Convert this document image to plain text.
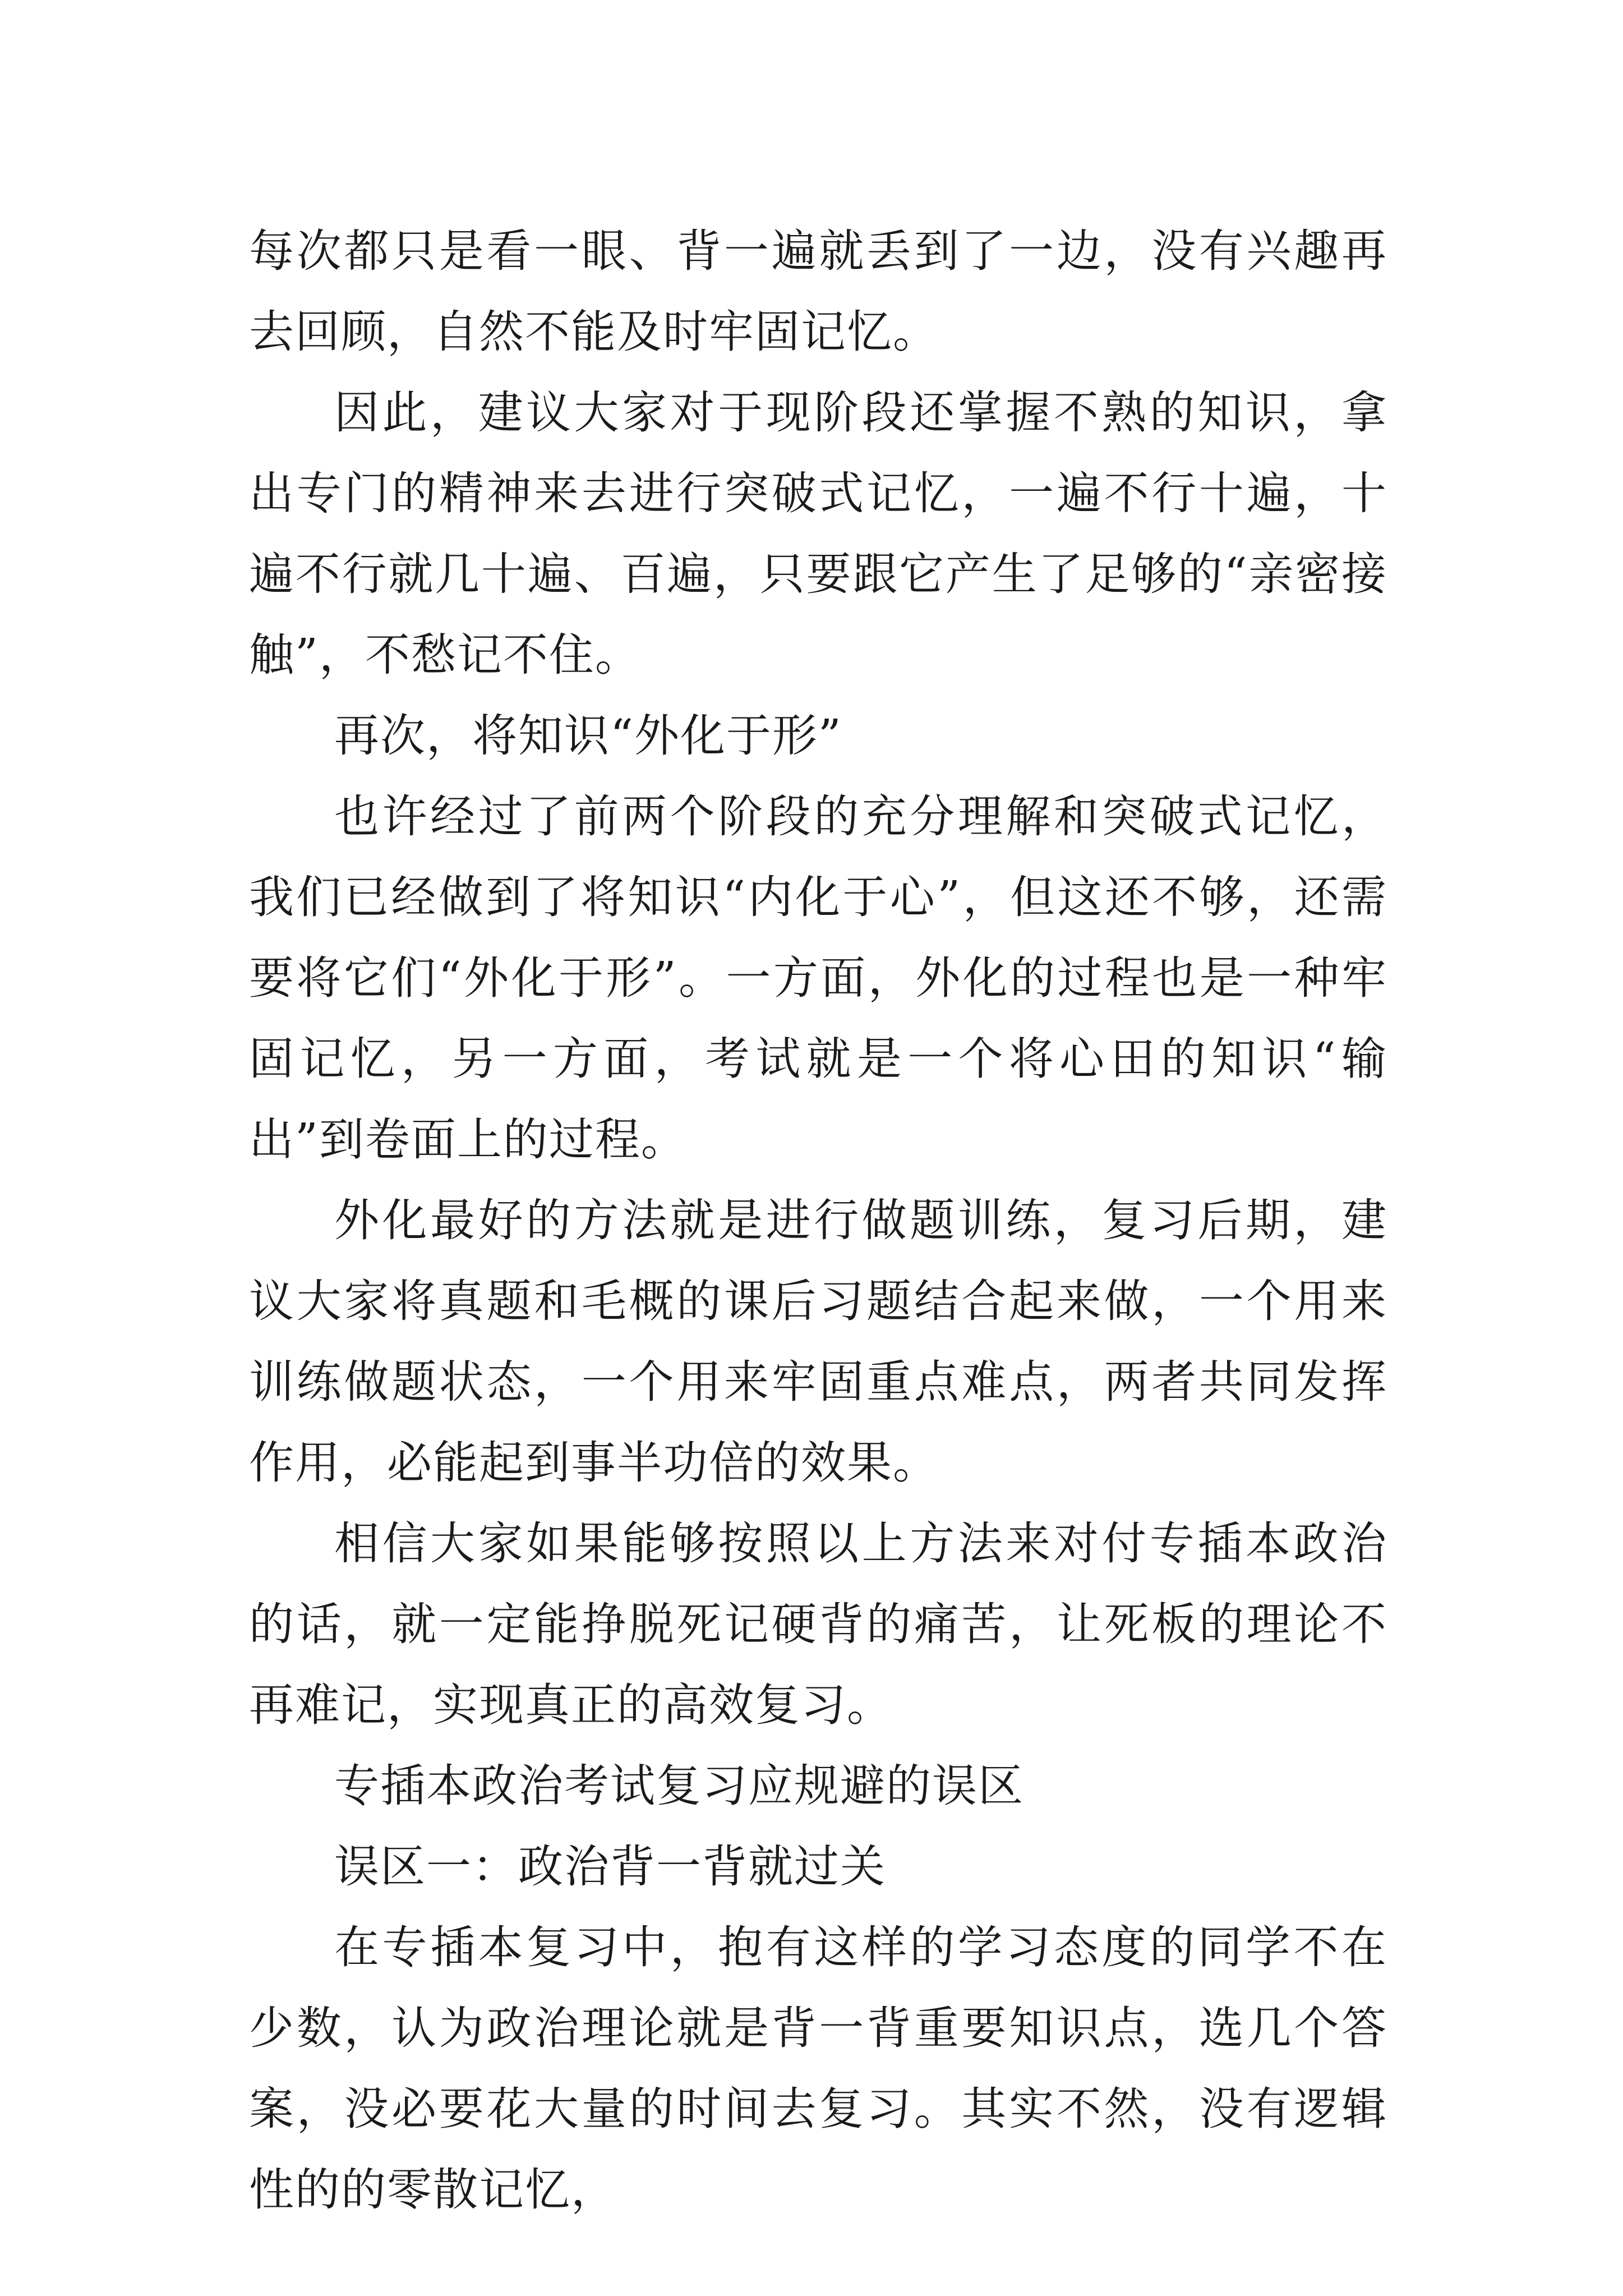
每次都只是看一眼、背一遍就丢到了一边，没有兴趣再去回顾，自然不能及时牢固记忆。

因此，建议大家对于现阶段还掌握不熟的知识，拿出专门的精神来去进行突破式记忆，一遍不行十遍，十遍不行就几十遍、百遍，只要跟它产生了足够的“亲密接触”，不愁记不住。

再次，将知识“外化于形”

也许经过了前两个阶段的充分理解和突破式记忆，我们已经做到了将知识“内化于心”，但这还不够，还需要将它们“外化于形”。一方面，外化的过程也是一种牢固记忆，另一方面，考试就是一个将心田的知识“输出”到卷面上的过程。

外化最好的方法就是进行做题训练，复习后期，建议大家将真题和毛概的课后习题结合起来做，一个用来训练做题状态，一个用来牢固重点难点，两者共同发挥作用，必能起到事半功倍的效果。

相信大家如果能够按照以上方法来对付专插本政治的话，就一定能挣脱死记硬背的痛苦，让死板的理论不再难记，实现真正的高效复习。

专插本政治考试复习应规避的误区

误区一：政治背一背就过关

在专插本复习中，抱有这样的学习态度的同学不在少数，认为政治理论就是背一背重要知识点，选几个答案，没必要花大量的时间去复习。其实不然，没有逻辑性的的零散记忆，
